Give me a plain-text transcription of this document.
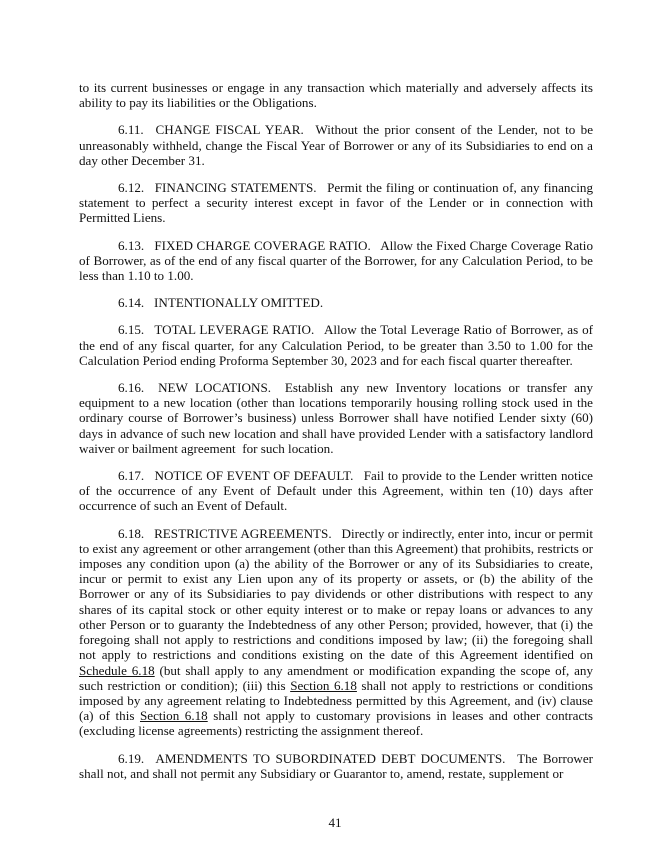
to its current businesses or engage in any transaction which materially and adversely affects its ability to pay its liabilities or the Obligations.

6.11.  CHANGE FISCAL YEAR.  Without the prior consent of the Lender, not to be unreasonably withheld, change the Fiscal Year of Borrower or any of its Subsidiaries to end on a day other December 31.

6.12.  FINANCING STATEMENTS.  Permit the filing or continuation of, any financing statement to perfect a security interest except in favor of the Lender or in connection with Permitted Liens.

6.13.  FIXED CHARGE COVERAGE RATIO.  Allow the Fixed Charge Coverage Ratio of Borrower, as of the end of any fiscal quarter of the Borrower, for any Calculation Period, to be less than 1.10 to 1.00.

6.14.  INTENTIONALLY OMITTED.

6.15.  TOTAL LEVERAGE RATIO.  Allow the Total Leverage Ratio of Borrower, as of the end of any fiscal quarter, for any Calculation Period, to be greater than 3.50 to 1.00 for the Calculation Period ending Proforma September 30, 2023 and for each fiscal quarter thereafter.

6.16.  NEW LOCATIONS.  Establish any new Inventory locations or transfer any equipment to a new location (other than locations temporarily housing rolling stock used in the ordinary course of Borrower’s business) unless Borrower shall have notified Lender sixty (60) days in advance of such new location and shall have provided Lender with a satisfactory landlord waiver or bailment agreement for such location.

6.17.  NOTICE OF EVENT OF DEFAULT.  Fail to provide to the Lender written notice of the occurrence of any Event of Default under this Agreement, within ten (10) days after occurrence of such an Event of Default.

6.18.  RESTRICTIVE AGREEMENTS.  Directly or indirectly, enter into, incur or permit to exist any agreement or other arrangement (other than this Agreement) that prohibits, restricts or imposes any condition upon (a) the ability of the Borrower or any of its Subsidiaries to create, incur or permit to exist any Lien upon any of its property or assets, or (b) the ability of the Borrower or any of its Subsidiaries to pay dividends or other distributions with respect to any shares of its capital stock or other equity interest or to make or repay loans or advances to any other Person or to guaranty the Indebtedness of any other Person; provided, however, that (i) the foregoing shall not apply to restrictions and conditions imposed by law; (ii) the foregoing shall not apply to restrictions and conditions existing on the date of this Agreement identified on Schedule 6.18 (but shall apply to any amendment or modification expanding the scope of, any such restriction or condition); (iii) this Section 6.18 shall not apply to restrictions or conditions imposed by any agreement relating to Indebtedness permitted by this Agreement, and (iv) clause (a) of this Section 6.18 shall not apply to customary provisions in leases and other contracts (excluding license agreements) restricting the assignment thereof.

6.19.  AMENDMENTS TO SUBORDINATED DEBT DOCUMENTS.  The Borrower shall not, and shall not permit any Subsidiary or Guarantor to, amend, restate, supplement or

41
